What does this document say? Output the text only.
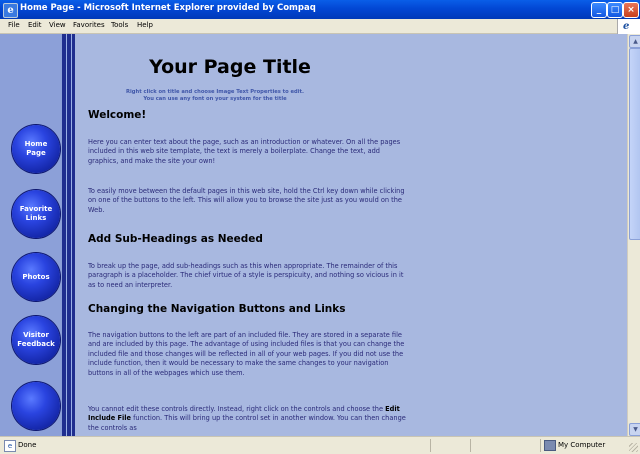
e Home Page - Microsoft Internet Explorer provided by Compaq	_	□ ×
File Edit View Favorites Tools Help	e
Home Page
Favorite Links
Photos
Visitor Feedback
Your Page Title
Right click on title and choose Image Text Properties to edit.
You can use any font on your system for the title
Welcome!

Here you can enter text about the page, such as an introduction or whatever. On all the pages included in this web site template, the text is merely a boilerplate. Change the text, add graphics, and make the site your own!

To easily move between the default pages in this web site, hold the Ctrl key down while clicking on one of the buttons to the left. This will allow you to browse the site just as you would on the Web.

Add Sub-Headings as Needed

To break up the page, add sub-headings such as this when appropriate. The remainder of this paragraph is a placeholder. The chief virtue of a style is perspicuity, and nothing so vicious in it as to need an interpreter.

Changing the Navigation Buttons and Links

The navigation buttons to the left are part of an included file. They are stored in a separate file and are included by this page. The advantage of using included files is that you can change the included file and those changes will be reflected in all of your web pages. If you did not use the include function, then it would be necessary to make the same changes to your navigation buttons in all of the webpages which use them.

You cannot edit these controls directly. Instead, right click on the controls and choose the Edit Include File function. This will bring up the control set in another window. You can then change the controls as

▲
▼
e Done	My Computer
